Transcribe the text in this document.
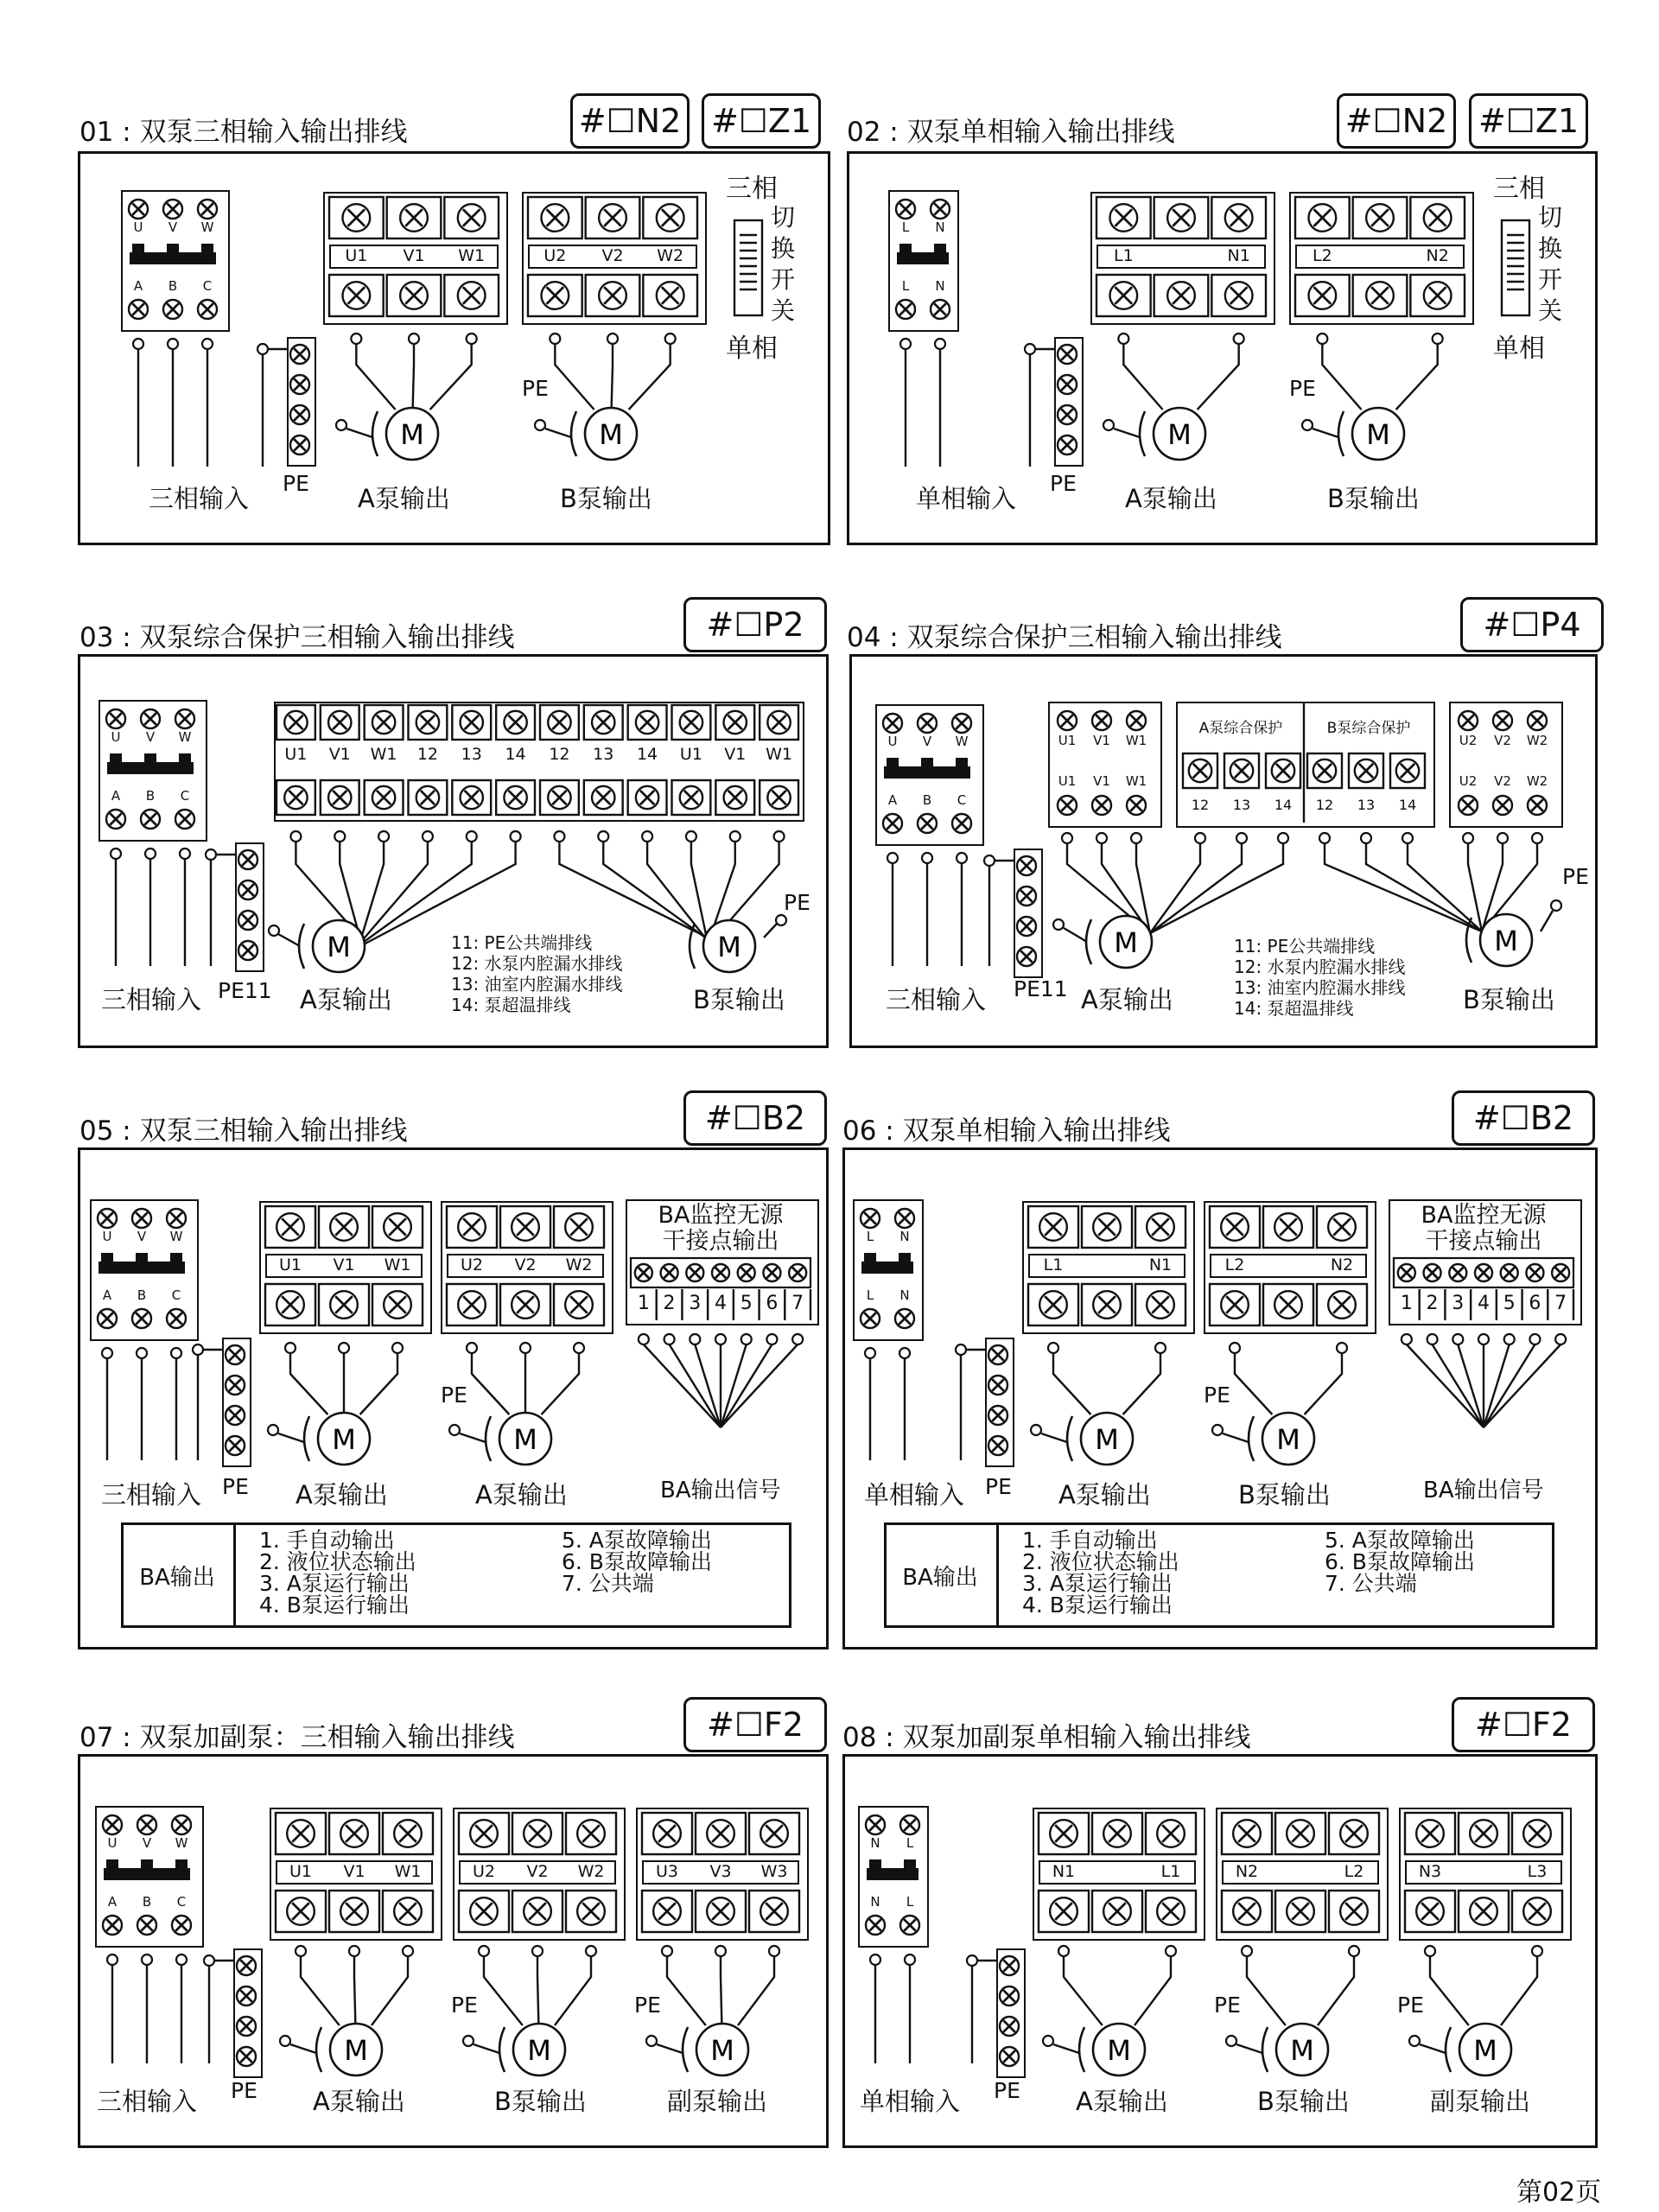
01 : 双泵三相输入输出排线	#☐N2 #☐Z1	02 : 双泵单相输入输出排线	#☐N2 #☐Z1
03 : 双泵综合保护三相输入输出排线	#☐P2	04 : 双泵综合保护三相输入输出排线	#☐P4
05 : 双泵三相输入输出排线	#☐B2	06 : 双泵单相输入输出排线	#☐B2
07 : 双泵加副泵：三相输入输出排线	#☐F2	08 : 双泵加副泵单相输入输出排线	#☐F2
U
A
V
B
W
C
三相输入
PE
U1	V1	W1	U2	V2	W2
A泵输出
PE
B泵输出
三相
单相
切
换
开
关
L
L
N
N
单相输入
PE
L1	N1	L2	N2
A泵输出
PE
B泵输出
三相
单相
切
换
开
关
U
A
V
B
W
C
三相输入 PE11
U1	V1	W1	12	13	14	12	13	14	U1	V1	W1
PE
A泵输出	B泵输出
11: PE公共端排线
12: 水泵内腔漏水排线
13: 油室内腔漏水排线
14: 泵超温排线
U
A
V
B
W
C
三相输入 PE11
U1
U1
V1
V1
W1
W1
A泵综合保护	B泵综合保护
12	13	14	12	13	14
U2
U2
V2
V2
W2
W2
PE
A泵输出	B泵输出
11: PE公共端排线
12: 水泵内腔漏水排线
13: 油室内腔漏水排线
14: 泵超温排线
U
A
V
B
W
C
三相输入 PE
U1	V1	W1	U2	V2	W2
A泵输出
PE
A泵输出
BA监控无源
干接点输出
1 2 3 4 5 6 7
BA输出信号
BA输出
1. 手自动输出
2. 液位状态输出
3. A泵运行输出
4. B泵运行输出
5. A泵故障输出
6. B泵故障输出
7. 公共端
L
L
N
N
单相输入 PE
L1	N1	L2	N2
A泵输出
PE
B泵输出
BA监控无源
干接点输出
1 2 3 4 5 6 7
BA输出信号
BA输出
1. 手自动输出
2. 液位状态输出
3. A泵运行输出
4. B泵运行输出
5. A泵故障输出
6. B泵故障输出
7. 公共端
U
A
V
B
W
C
三相输入 PE
U1	V1	W1	U2	V2	W2	U3	V3	W3
A泵输出
PE
B泵输出
PE
副泵输出
N
N
L
L
单相输入 PE
N1	L1	N2	L2	N3	L3
A泵输出
PE
B泵输出
PE
副泵输出
M	M	M	M
M	M	M	M
M	M	M	M
M	M	M	M	M	M
第02页
